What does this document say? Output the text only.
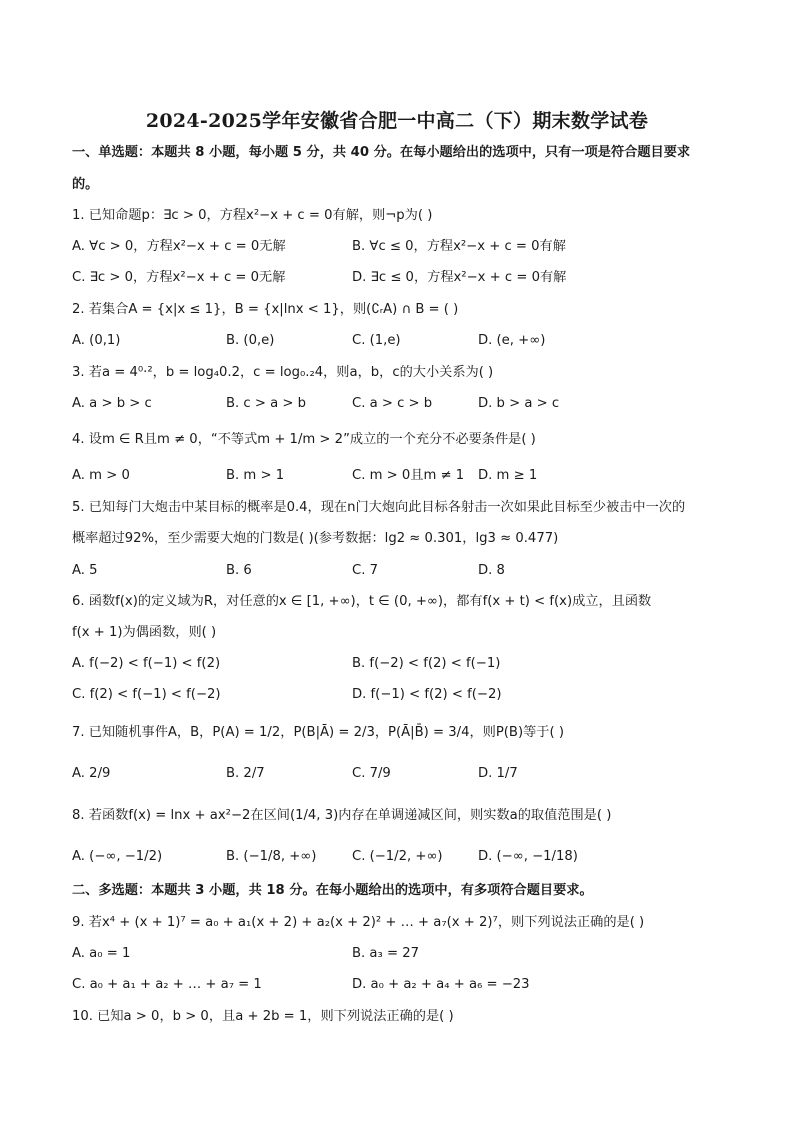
2024-2025学年安徽省合肥一中高二（下）期末数学试卷
一、单选题：本题共 8 小题，每小题 5 分，共 40 分。在每小题给出的选项中，只有一项是符合题目要求
的。
1. 已知命题p：∃c > 0，方程x²−x + c = 0有解，则¬p为( )
A. ∀c > 0，方程x²−x + c = 0无解	B. ∀c ≤ 0，方程x²−x + c = 0有解
C. ∃c > 0，方程x²−x + c = 0无解	D. ∃c ≤ 0，方程x²−x + c = 0有解
2. 若集合A = {x|x ≤ 1}，B = {x|lnx < 1}，则(∁ᵣA) ∩ B = ( )
A. (0,1)	B. (0,e)	C. (1,e)	D. (e, +∞)
3. 若a = 4⁰·²，b = log₄0.2，c = log₀.₂4，则a，b，c的大小关系为( )
A. a > b > c	B. c > a > b	C. a > c > b	D. b > a > c
4. 设m ∈ R且m ≠ 0，“不等式m + 1/m > 2”成立的一个充分不必要条件是( )
A. m > 0	B. m > 1	C. m > 0且m ≠ 1 D. m ≥ 1
5. 已知每门大炮击中某目标的概率是0.4，现在n门大炮向此目标各射击一次如果此目标至少被击中一次的
概率超过92%，至少需要大炮的门数是( )(参考数据：lg2 ≈ 0.301，lg3 ≈ 0.477)
A. 5	B. 6	C. 7	D. 8
6. 函数f(x)的定义域为R，对任意的x ∈ [1, +∞)，t ∈ (0, +∞)，都有f(x + t) < f(x)成立，且函数
f(x + 1)为偶函数，则( )
A. f(−2) < f(−1) < f(2)	B. f(−2) < f(2) < f(−1)
C. f(2) < f(−1) < f(−2)	D. f(−1) < f(2) < f(−2)
7. 已知随机事件A，B，P(A) = 1/2，P(B|Ā) = 2/3，P(Ā|B̄) = 3/4，则P(B)等于( )
A. 2/9	B. 2/7	C. 7/9	D. 1/7
8. 若函数f(x) = lnx + ax²−2在区间(1/4, 3)内存在单调递减区间，则实数a的取值范围是( )
A. (−∞, −1/2)	B. (−1/8, +∞)	C. (−1/2, +∞)	D. (−∞, −1/18)
二、多选题：本题共 3 小题，共 18 分。在每小题给出的选项中，有多项符合题目要求。
9. 若x⁴ + (x + 1)⁷ = a₀ + a₁(x + 2) + a₂(x + 2)² + … + a₇(x + 2)⁷，则下列说法正确的是( )
A. a₀ = 1	B. a₃ = 27
C. a₀ + a₁ + a₂ + … + a₇ = 1	D. a₀ + a₂ + a₄ + a₆ = −23
10. 已知a > 0，b > 0，且a + 2b = 1，则下列说法正确的是( )
